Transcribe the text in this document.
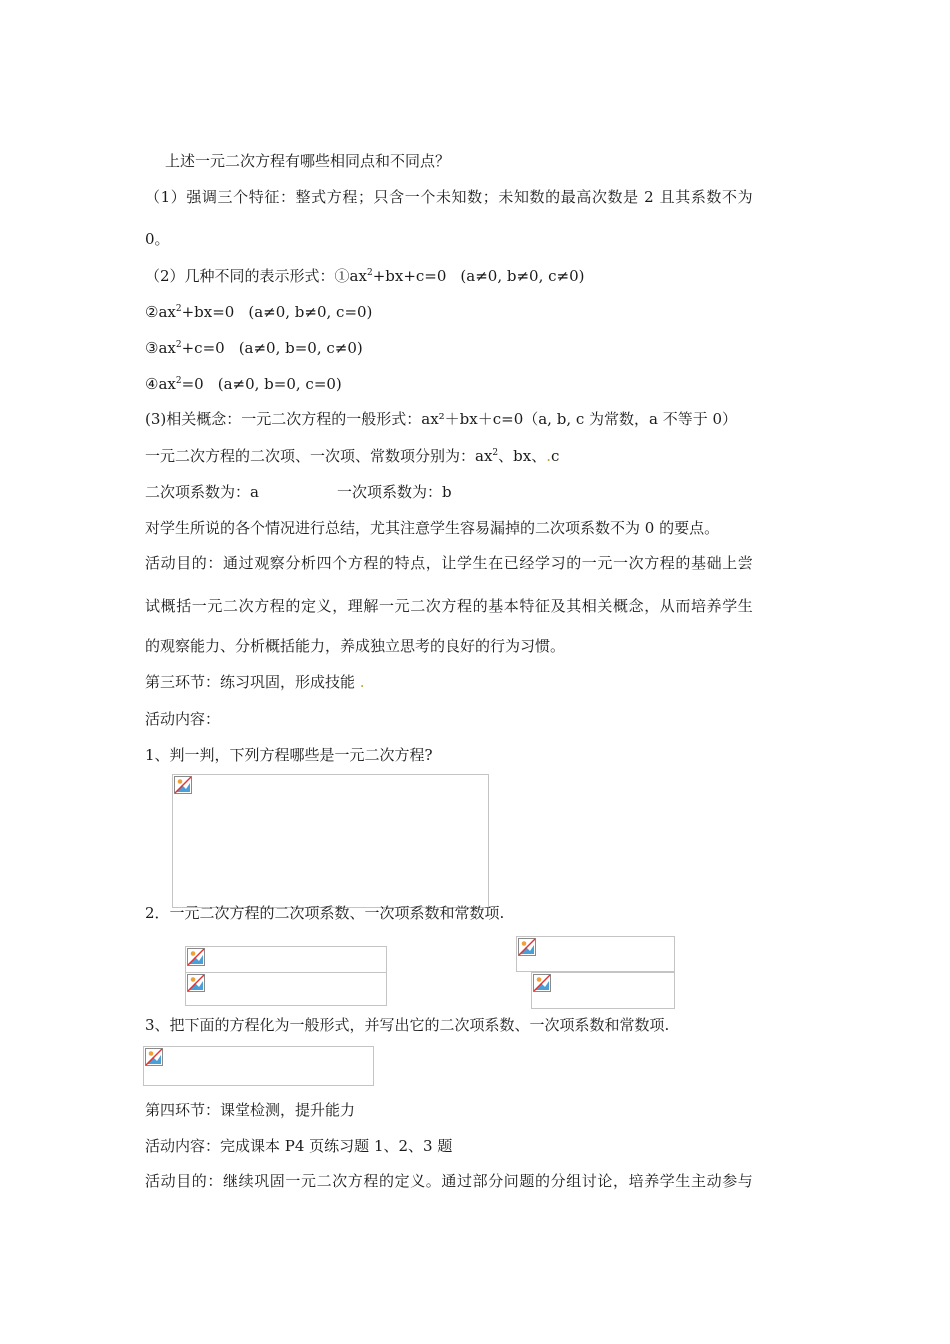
上述一元二次方程有哪些相同点和不同点？
（1）强调三个特征：整式方程；只含一个未知数；未知数的最高次数是 2 且其系数不为
0。
（2）几种不同的表示形式：$①ax^2+bx+c=0$ (a≠0, b≠0, c≠0)
$②ax^2+bx=0$ (a≠0, b≠0, c=0)
$③ax^2+c=0$ (a≠0, b=0, c≠0)
$④ax^2=0$ (a≠0, b=0, c=0)
(3)相关概念：一元二次方程的一般形式：ax²＋bx＋c=0（a, b, c 为常数，a 不等于 0）
一元二次方程的二次项、一次项、常数项分别为：$ax^2$、bx、.c
二次项系数为：a	一次项系数为：b
对学生所说的各个情况进行总结，尤其注意学生容易漏掉的二次项系数不为 0 的要点。
活动目的：通过观察分析四个方程的特点，让学生在已经学习的一元一次方程的基础上尝
试概括一元二次方程的定义，理解一元二次方程的基本特征及其相关概念，从而培养学生
的观察能力、分析概括能力，养成独立思考的良好的行为习惯。
第三环节：练习巩固，形成技能 .
活动内容：
1、判一判，下列方程哪些是一元二次方程?
2．一元二次方程的二次项系数、一次项系数和常数项.
3、把下面的方程化为一般形式，并写出它的二次项系数、一次项系数和常数项.
第四环节：课堂检测，提升能力
活动内容：完成课本 P4 页练习题 1、2、3 题
活动目的：继续巩固一元二次方程的定义。通过部分问题的分组讨论，培养学生主动参与
